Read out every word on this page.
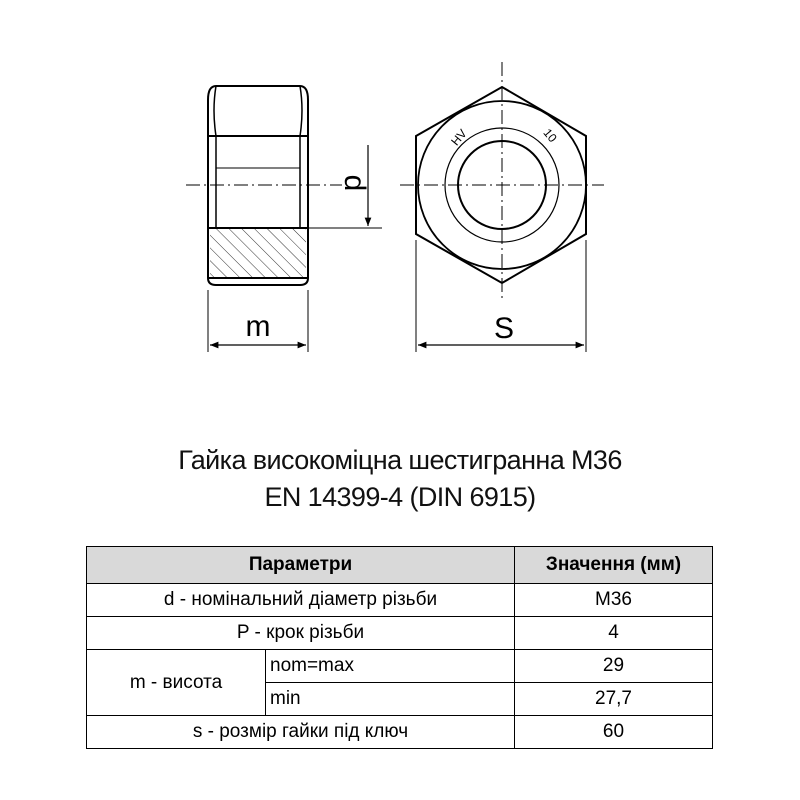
d
m
HV	10
S
Гайка високоміцна шестигранна М36
EN 14399-4 (DIN 6915)
Параметри		Значення (мм)
d - номінальний діаметр різьби		М36
P - крок різьби		4
m - висота	nom=max	29
	min	27,7
s - розмір гайки під ключ		60
